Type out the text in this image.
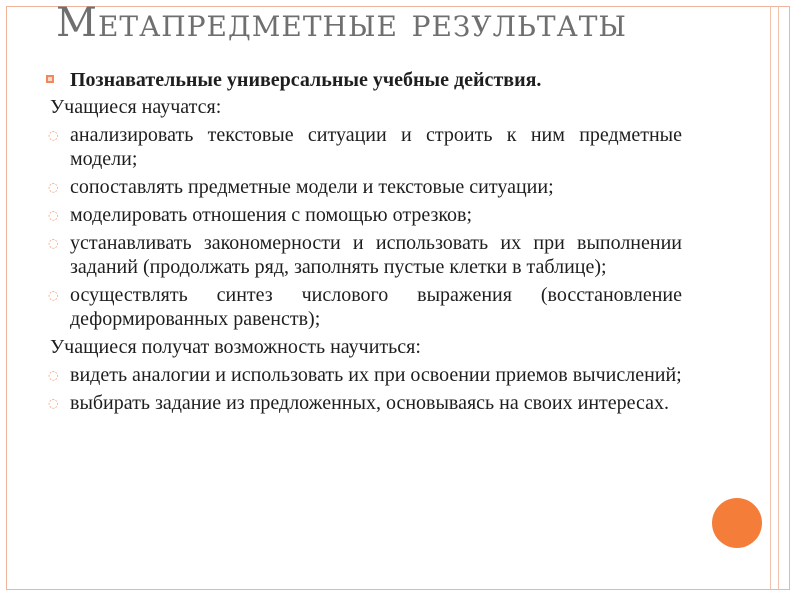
Метапредметные результаты
Познавательные универсальные учебные действия.
Учащиеся научатся:
◌ анализировать текстовые ситуации и строить к ним предметные модели;
◌ сопоставлять предметные модели и текстовые ситуации;
◌ моделировать отношения с помощью отрезков;
◌ устанавливать закономерности и использовать их при выполнении заданий (продолжать ряд, заполнять пустые клетки в таблице);
◌ осуществлять синтез числового выражения (восстановление деформированных равенств);
Учащиеся получат возможность научиться:
◌ видеть аналогии и использовать их при освоении приемов вычислений;
◌ выбирать задание из предложенных, основываясь на своих интересах.
